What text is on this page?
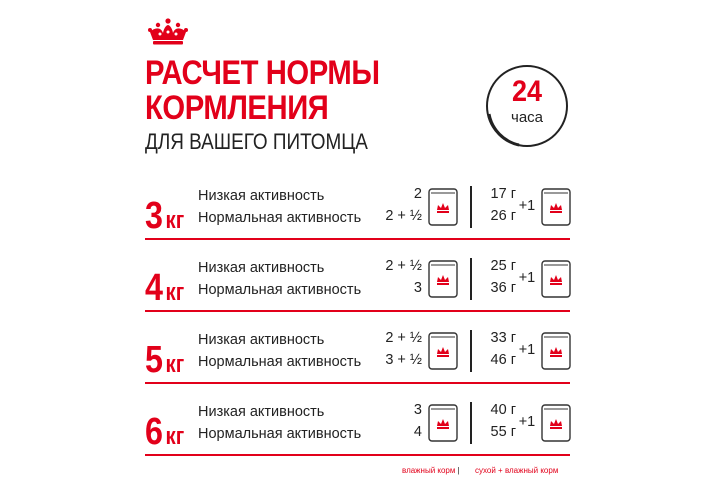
РАСЧЕТ НОРМЫ
КОРМЛЕНИЯ
ДЛЯ ВАШЕГО ПИТОМЦА
24
часа
3 кг
Низкая активность
Нормальная активность
2
2 + ½
17 г
26 г
+1
4 кг
Низкая активность
Нормальная активность
2 + ½
3
25 г
36 г
+1
5 кг
Низкая активность
Нормальная активность
2 + ½
3 + ½
33 г
46 г
+1
6 кг
Низкая активность
Нормальная активность
3
4
40 г
55 г
+1
влажный корм | сухой + влажный корм
